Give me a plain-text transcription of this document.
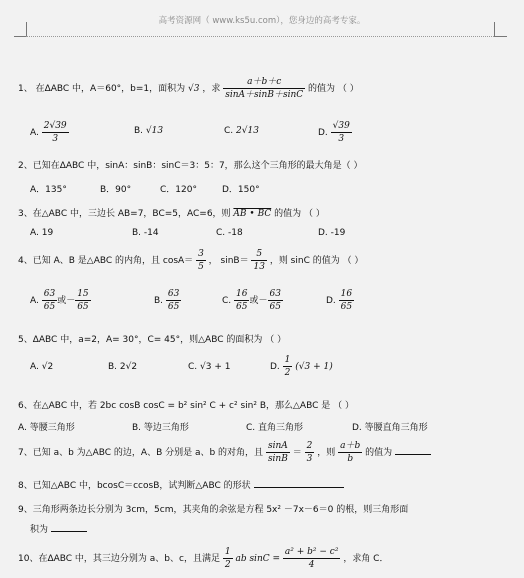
高考资源网（ www.ks5u.com），您身边的高考专家。
1、 在ΔABC 中，A＝60°，b=1，面积为 √3 ，求 $\frac{a+b+c}{\sin A+\sin B+\sin C}$ 的值为 （ ）
A. $\frac{2√39}{3}$	B. √13	C. 2√13	D. $\frac{√39}{3}$
2、已知在ΔABC 中，sinA：sinB：sinC＝3：5：7，那么这个三角形的最大角是（ ）
A．135°	B．90°	C．120°	D．150°
3、在△ABC 中，三边长 AB=7，BC=5，AC=6，则 AB • BC 的值为 （ ）
A. 19	B. -14	C. -18	D. -19
4、已知 A、B 是△ABC 的内角，且 $\cos A= \frac{3}{5}$ ， $\sin B= \frac{5}{13}$ ，则 sinC 的值为 （ ）
A. $\frac{63}{65}$ 或－ $\frac{15}{65}$	B. $\frac{63}{65}$	C. $\frac{16}{65}$ 或－ $\frac{63}{65}$	D. $\frac{16}{65}$
5、ΔABC 中，a=2，A= 30°，C= 45°，则△ABC 的面积为 （ ）
A. √2	B. 2√2	C. √3 + 1	D. $\frac{1}{2} (√3 + 1)$
6、在△ABC 中，若 2bc cosB cosC = b² sin² C + c² sin² B，那么△ABC 是 （ ）
A. 等腰三角形	B. 等边三角形	C. 直角三角形	D. 等腰直角三角形
7、已知 a、b 为△ABC 的边，A、B 分别是 a、b 的对角，且 $\frac{\sin A}{\sin B} = \frac{2}{3}$ ，则 $\frac{a+b}{b}$ 的值为
8、已知△ABC 中，bcosC＝ccosB，试判断△ABC 的形状
9、三角形两条边长分别为 3cm，5cm，其夹角的余弦是方程 5x² －7x－6＝0 的根，则三角形面
积为
10、在ΔABC 中，其三边分别为 a、b、c，且满足 $\frac{1}{2}$ ab $\sin C = \frac{\text{a² + b² − c²}}{4}$ ，求角 C．
